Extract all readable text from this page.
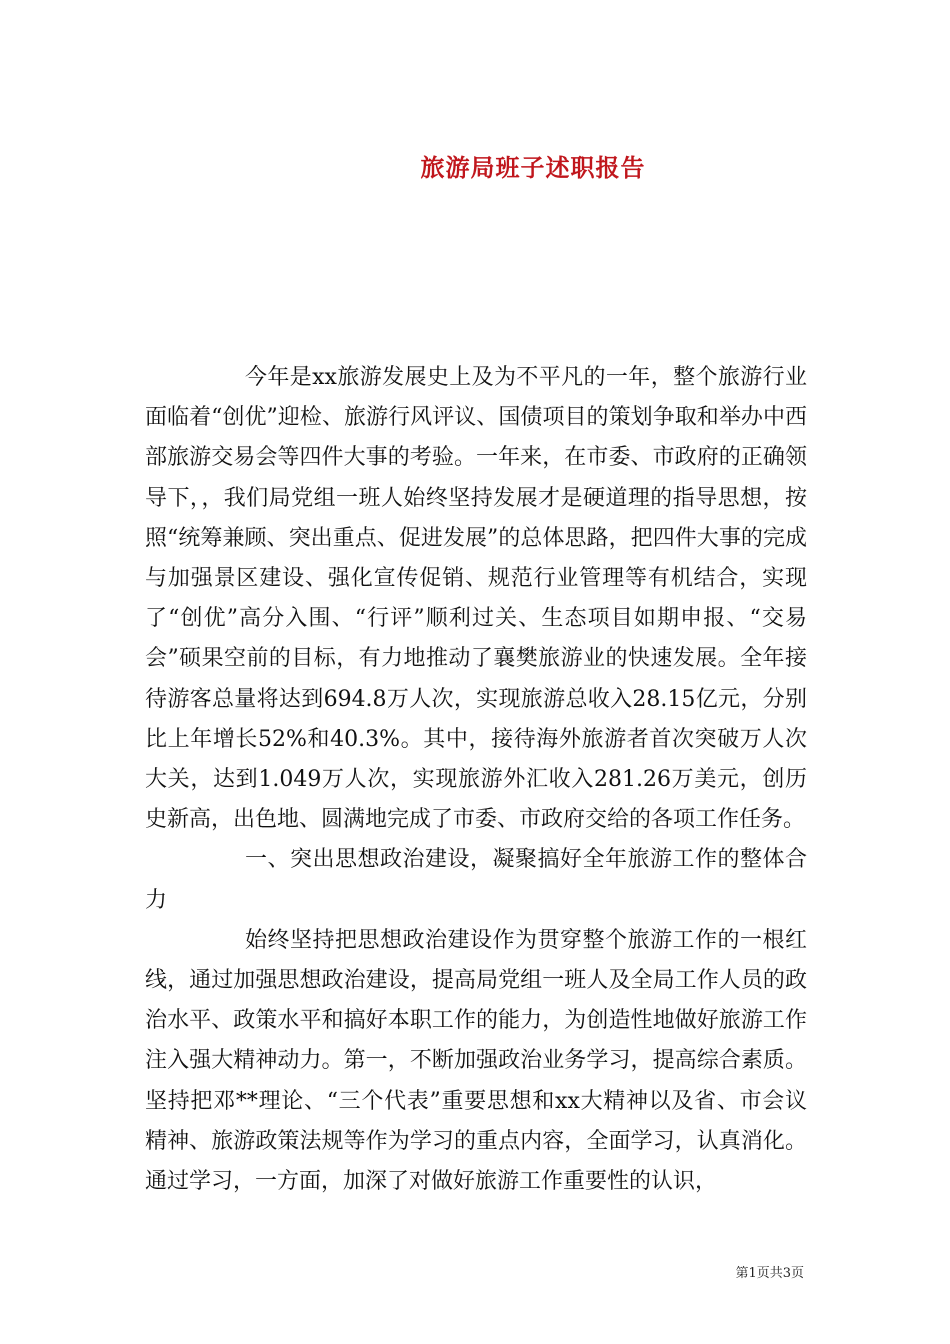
旅游局班子述职报告

今年是xx旅游发展史上及为不平凡的一年，整个旅游行业面临着“创优”迎检、旅游行风评议、国债项目的策划争取和举办中西部旅游交易会等四件大事的考验。一年来，在市委、市政府的正确领导下，，我们局党组一班人始终坚持发展才是硬道理的指导思想，按照“统筹兼顾、突出重点、促进发展”的总体思路，把四件大事的完成与加强景区建设、强化宣传促销、规范行业管理等有机结合，实现了“创优”高分入围、“行评”顺利过关、生态项目如期申报、“交易会”硕果空前的目标，有力地推动了襄樊旅游业的快速发展。全年接待游客总量将达到694.8万人次，实现旅游总收入28.15亿元，分别比上年增长52%和40.3%。其中，接待海外旅游者首次突破万人次大关，达到1.049万人次，实现旅游外汇收入281.26万美元，创历史新高，出色地、圆满地完成了市委、市政府交给的各项工作任务。

一、突出思想政治建设，凝聚搞好全年旅游工作的整体合力

始终坚持把思想政治建设作为贯穿整个旅游工作的一根红线，通过加强思想政治建设，提高局党组一班人及全局工作人员的政治水平、政策水平和搞好本职工作的能力，为创造性地做好旅游工作注入强大精神动力。第一，不断加强政治业务学习，提高综合素质。坚持把邓**理论、“三个代表”重要思想和xx大精神以及省、市会议精神、旅游政策法规等作为学习的重点内容，全面学习，认真消化。通过学习，一方面，加深了对做好旅游工作重要性的认识，

第1页共3页
